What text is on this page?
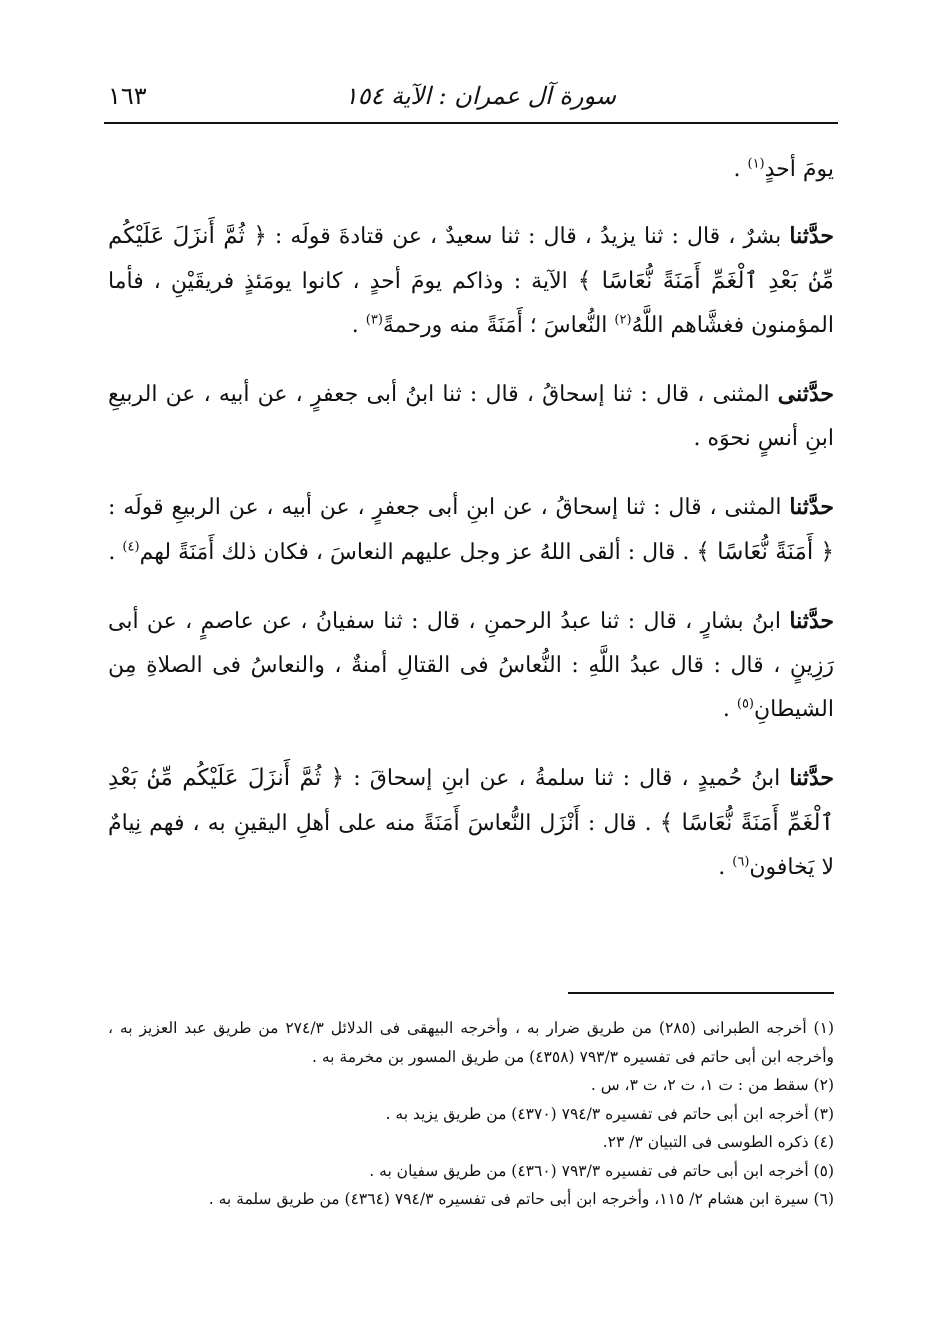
سورة آل عمران : الآية ١٥٤
١٦٣

يومَ أحدٍ$^{(١)}$ .

حدَّثنا بشرٌ ، قال : ثنا يزيدُ ، قال : ثنا سعيدٌ ، عن قتادةَ قولَه : ﴿ ثُمَّ أَنزَلَ عَلَيْكُم مِّنۢ بَعْدِ ٱلْغَمِّ أَمَنَةً نُّعَاسًا ﴾ الآية : وذاكم يومَ أحدٍ ، كانوا يومَئذٍ فريقَيْنِ ، فأما المؤمنون فغشَّاهم اللَّهُ$^{(٢)}$ النُّعاسَ ؛ أَمَنَةً منه ورحمةً$^{(٣)}$ .

حدَّثنى المثنى ، قال : ثنا إسحاقُ ، قال : ثنا ابنُ أبى جعفرٍ ، عن أبيه ، عن الربيعِ ابنِ أنسٍ نحوَه .

حدَّثنا المثنى ، قال : ثنا إسحاقُ ، عن ابنِ أبى جعفرٍ ، عن أبيه ، عن الربيعِ قولَه : ﴿ أَمَنَةً نُّعَاسًا ﴾ . قال : ألقى اللهُ عز وجل عليهم النعاسَ ، فكان ذلك أَمَنَةً لهم$^{(٤)}$ .

حدَّثنا ابنُ بشارٍ ، قال : ثنا عبدُ الرحمنِ ، قال : ثنا سفيانُ ، عن عاصمٍ ، عن أبى رَزِينٍ ، قال : قال عبدُ اللَّهِ : النُّعاسُ فى القتالِ أمنةٌ ، والنعاسُ فى الصلاةِ مِن الشيطانِ$^{(٥)}$ .

حدَّثنا ابنُ حُميدٍ ، قال : ثنا سلمةُ ، عن ابنِ إسحاقَ : ﴿ ثُمَّ أَنزَلَ عَلَيْكُم مِّنۢ بَعْدِ ٱلْغَمِّ أَمَنَةً نُّعَاسًا ﴾ . قال : أَنْزَل النُّعاسَ أَمَنَةً منه على أهلِ اليقينِ به ، فهم نِيامٌ لا يَخافون$^{(٦)}$ .

(١) أخرجه الطبرانى (٢٨٥) من طريق ضرار به ، وأخرجه البيهقى فى الدلائل ٢٧٤/٣ من طريق عبد العزيز به ، وأخرجه ابن أبى حاتم فى تفسيره ٧٩٣/٣ (٤٣٥٨) من طريق المسور بن مخرمة به .

(٢) سقط من : ت ١، ت ٢، ت ٣، س .

(٣) أخرجه ابن أبى حاتم فى تفسيره ٧٩٤/٣ (٤٣٧٠) من طريق يزيد به .

(٤) ذكره الطوسى فى التبيان ٣/ ٢٣.

(٥) أخرجه ابن أبى حاتم فى تفسيره ٧٩٣/٣ (٤٣٦٠) من طريق سفيان به .

(٦) سيرة ابن هشام ٢/ ١١٥، وأخرجه ابن أبى حاتم فى تفسيره ٧٩٤/٣ (٤٣٦٤) من طريق سلمة به .
